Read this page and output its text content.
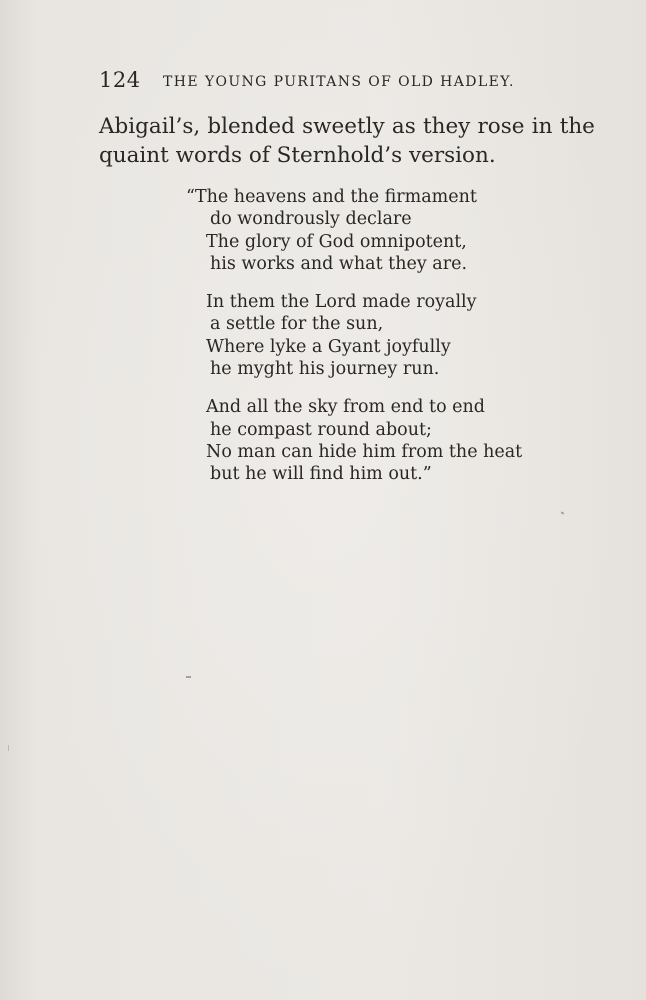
124 THE YOUNG PURITANS OF OLD HADLEY.
Abigail’s, blended sweetly as they rose in the
quaint words of Sternhold’s version.
“The heavens and the firmament
do wondrously declare
The glory of God omnipotent,
his works and what they are.
In them the Lord made royally
a settle for the sun,
Where lyke a Gyant joyfully
he myght his journey run.
And all the sky from end to end
he compast round about;
No man can hide him from the heat
but he will find him out.”
